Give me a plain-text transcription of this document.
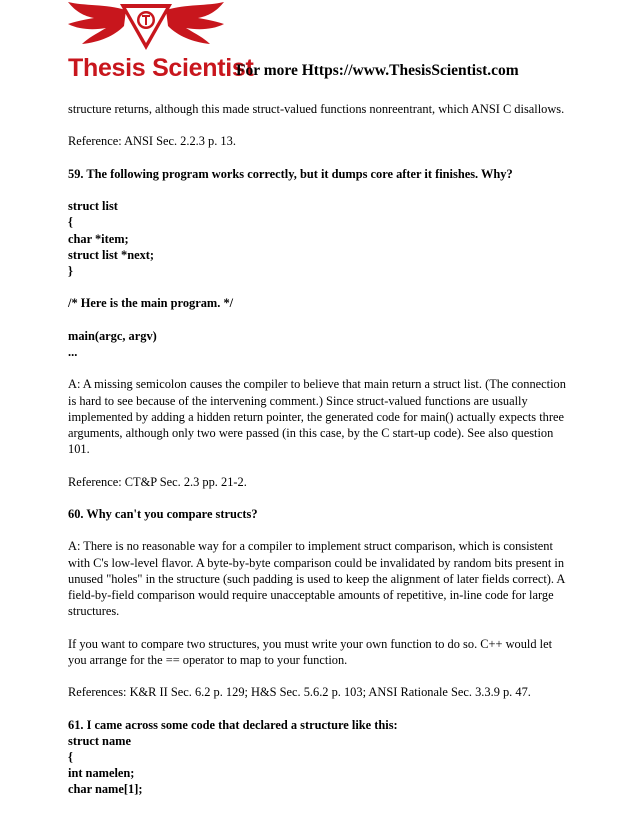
Thesis Scientist
For more Https://www.ThesisScientist.com

structure returns, although this made struct-valued functions nonreentrant, which ANSI C disallows.

Reference: ANSI Sec. 2.2.3 p. 13.

59. The following program works correctly, but it dumps core after it finishes. Why?

struct list
{
char *item;
struct list *next;
}

/* Here is the main program. */

main(argc, argv)
...

A: A missing semicolon causes the compiler to believe that main return a struct list. (The connection is hard to see because of the intervening comment.) Since struct-valued functions are usually implemented by adding a hidden return pointer, the generated code for main() actually expects three arguments, although only two were passed (in this case, by the C start-up code). See also question 101.

Reference: CT&P Sec. 2.3 pp. 21-2.

60. Why can't you compare structs?

A: There is no reasonable way for a compiler to implement struct comparison, which is consistent with C's low-level flavor. A byte-by-byte comparison could be invalidated by random bits present in unused "holes" in the structure (such padding is used to keep the alignment of later fields correct). A field-by-field comparison would require unacceptable amounts of repetitive, in-line code for large structures.

If you want to compare two structures, you must write your own function to do so. C++ would let you arrange for the == operator to map to your function.

References: K&R II Sec. 6.2 p. 129; H&S Sec. 5.6.2 p. 103; ANSI Rationale Sec. 3.3.9 p. 47.

61. I came across some code that declared a structure like this:

struct name
{
int namelen;
char name[1];
